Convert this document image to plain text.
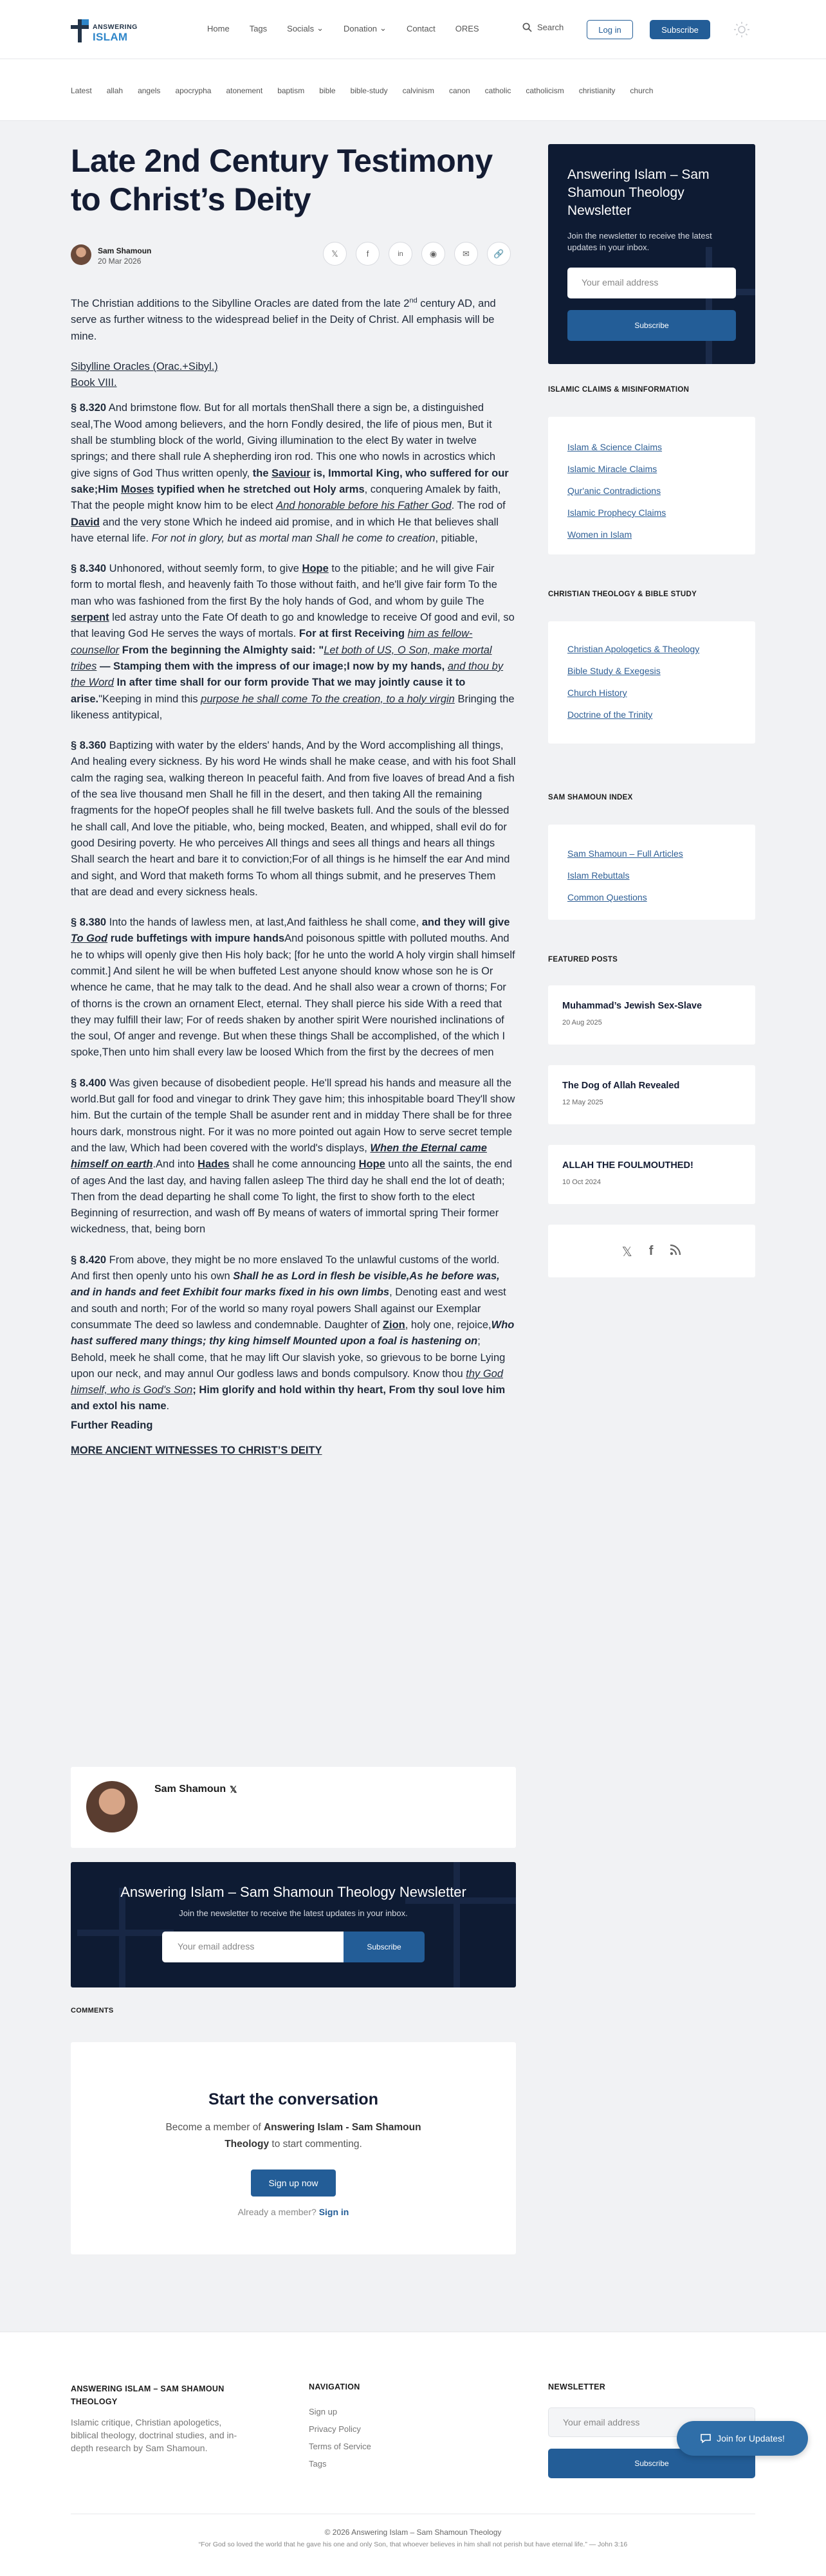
ANSWERING
ISLAM
Home Tags Socials ⌄ Donation ⌄ Contact ORES	Search	Log in	Subscribe
Latest allah angels apocrypha atonement baptism bible bible-study calvinism canon catholic catholicism christianity church
Late 2nd Century Testimony to Christ’s Deity
Sam Shamoun
20 Mar 2026
𝕏	f	in	◉	✉	🔗

The Christian additions to the Sibylline Oracles are dated from the late 2nd century AD, and serve as further witness to the widespread belief in the Deity of Christ. All emphasis will be mine.

Sibylline Oracles (Orac.+Sibyl.)
Book VIII.

§ 8.320 And brimstone flow. But for all mortals thenShall there a sign be, a distinguished seal,The Wood among believers, and the horn Fondly desired, the life of pious men, But it shall be stumbling block of the world, Giving illumination to the elect By water in twelve springs; and there shall rule A shepherding iron rod. This one who nowls in acrostics which give signs of God Thus written openly, the Saviour is, Immortal King, who suffered for our sake;Him Moses typified when he stretched out Holy arms, conquering Amalek by faith, That the people might know him to be elect And honorable before his Father God. The rod of David and the very stone Which he indeed aid promise, and in which He that believes shall have eternal life. For not in glory, but as mortal man Shall he come to creation, pitiable,

§ 8.340 Unhonored, without seemly form, to give Hope to the pitiable; and he will give Fair form to mortal flesh, and heavenly faith To those without faith, and he'll give fair form To the man who was fashioned from the first By the holy hands of God, and whom by guile The serpent led astray unto the Fate Of death to go and knowledge to receive Of good and evil, so that leaving God He serves the ways of mortals. For at first Receiving him as fellow-counsellor From the beginning the Almighty said: "Let both of US, O Son, make mortal tribes — Stamping them with the impress of our image;I now by my hands, and thou by the Word In after time shall for our form provide That we may jointly cause it to arise."Keeping in mind this purpose he shall come To the creation, to a holy virgin Bringing the likeness antitypical,

§ 8.360 Baptizing with water by the elders' hands, And by the Word accomplishing all things, And healing every sickness. By his word He winds shall he make cease, and with his foot Shall calm the raging sea, walking thereon In peaceful faith. And from five loaves of bread And a fish of the sea live thousand men Shall he fill in the desert, and then taking All the remaining fragments for the hopeOf peoples shall he fill twelve baskets full. And the souls of the blessed he shall call, And love the pitiable, who, being mocked, Beaten, and whipped, shall evil do for good Desiring poverty. He who perceives All things and sees all things and hears all things Shall search the heart and bare it to conviction;For of all things is he himself the ear And mind and sight, and Word that maketh forms To whom all things submit, and he preserves Them that are dead and every sickness heals.

§ 8.380 Into the hands of lawless men, at last,And faithless he shall come, and they will give To God rude buffetings with impure handsAnd poisonous spittle with polluted mouths. And he to whips will openly give then His holy back; [for he unto the world A holy virgin shall himself commit.] And silent he will be when buffeted Lest anyone should know whose son he is Or whence he came, that he may talk to the dead. And he shall also wear a crown of thorns; For of thorns is the crown an ornament Elect, eternal. They shall pierce his side With a reed that they may fulfill their law; For of reeds shaken by another spirit Were nourished inclinations of the soul, Of anger and revenge. But when these things Shall be accomplished, of the which I spoke,Then unto him shall every law be loosed Which from the first by the decrees of men

§ 8.400 Was given because of disobedient people. He'll spread his hands and measure all the world.But gall for food and vinegar to drink They gave him; this inhospitable board They'll show him. But the curtain of the temple Shall be asunder rent and in midday There shall be for three hours dark, monstrous night. For it was no more pointed out again How to serve secret temple and the law, Which had been covered with the world's displays, When the Eternal came himself on earth.And into Hades shall he come announcing Hope unto all the saints, the end of ages And the last day, and having fallen asleep The third day he shall end the lot of death; Then from the dead departing he shall come To light, the first to show forth to the elect Beginning of resurrection, and wash off By means of waters of immortal spring Their former wickedness, that, being born

§ 8.420 From above, they might be no more enslaved To the unlawful customs of the world. And first then openly unto his own Shall he as Lord in flesh be visible,As he before was, and in hands and feet Exhibit four marks fixed in his own limbs, Denoting east and west and south and north; For of the world so many royal powers Shall against our Exemplar consummate The deed so lawless and condemnable. Daughter of Zion, holy one, rejoice,Who hast suffered many things; thy king himself Mounted upon a foal is hastening on; Behold, meek he shall come, that he may lift Our slavish yoke, so grievous to be borne Lying upon our neck, and may annul Our godless laws and bonds compulsory. Know thou thy God himself, who is God's Son; Him glorify and hold within thy heart, From thy soul love him and extol his name.

Further Reading

MORE ANCIENT WITNESSES TO CHRIST’S DEITY

Sam Shamoun 𝕏
Answering Islam – Sam Shamoun Theology Newsletter
Join the newsletter to receive the latest updates in your inbox.
Your email address	Subscribe
COMMENTS
Start the conversation
Become a member of Answering Islam - Sam Shamoun Theology to start commenting.
Sign up now
Already a member? Sign in
Answering Islam – Sam Shamoun Theology Newsletter
Join the newsletter to receive the latest updates in your inbox.
Your email address
Subscribe
ISLAMIC CLAIMS & MISINFORMATION
Islam & Science Claims
Islamic Miracle Claims
Qur'anic Contradictions
Islamic Prophecy Claims
Women in Islam
CHRISTIAN THEOLOGY & BIBLE STUDY
Christian Apologetics & Theology
Bible Study & Exegesis
Church History
Doctrine of the Trinity
SAM SHAMOUN INDEX
Sam Shamoun – Full Articles
Islam Rebuttals
Common Questions
FEATURED POSTS
Muhammad’s Jewish Sex-Slave
20 Aug 2025
The Dog of Allah Revealed
12 May 2025
ALLAH THE FOULMOUTHED!
10 Oct 2024
𝕏 f
ANSWERING ISLAM – SAM SHAMOUN THEOLOGY
Islamic critique, Christian apologetics, biblical theology, doctrinal studies, and in-depth research by Sam Shamoun.
NAVIGATION
Sign up
Privacy Policy
Terms of Service
Tags
NEWSLETTER
Your email address
Subscribe
Join for Updates!
© 2026 Answering Islam – Sam Shamoun Theology
“For God so loved the world that he gave his one and only Son, that whoever believes in him shall not perish but have eternal life.” — John 3:16
